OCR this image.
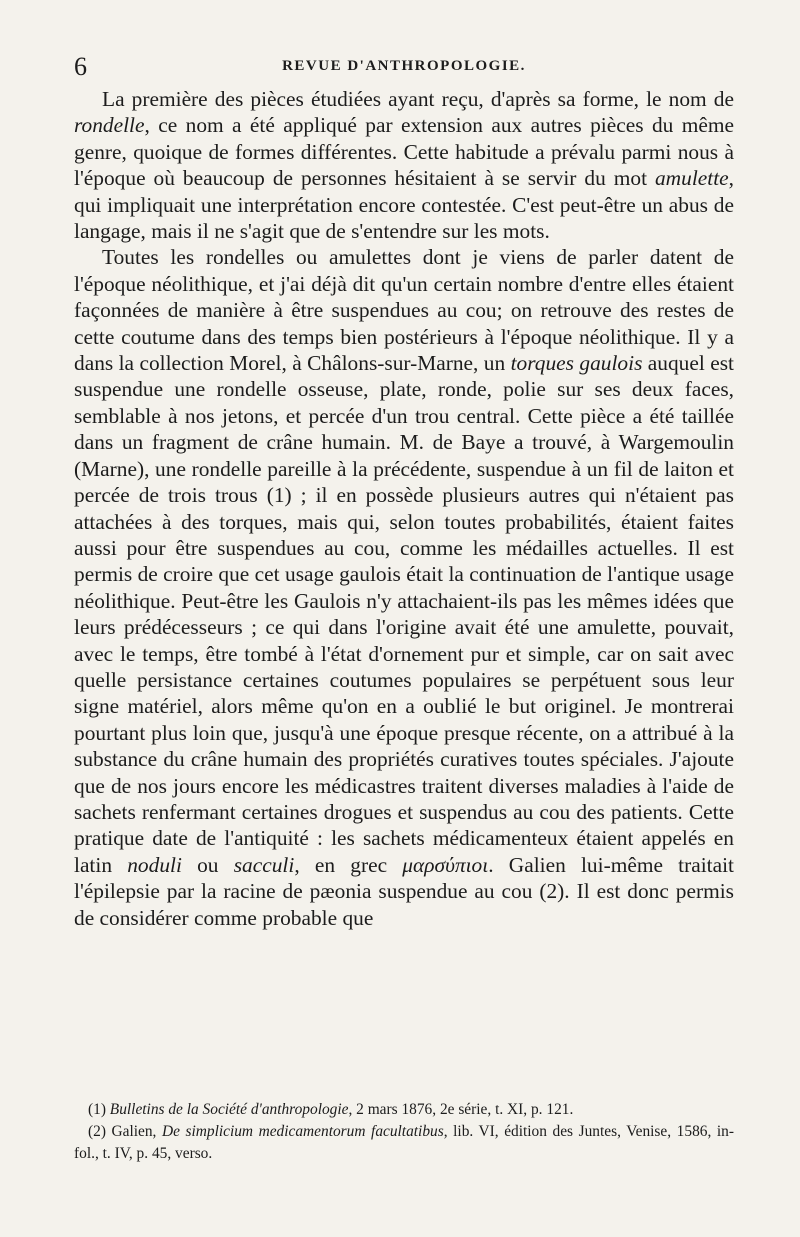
6	REVUE D'ANTHROPOLOGIE.

La première des pièces étudiées ayant reçu, d'après sa forme, le nom de rondelle, ce nom a été appliqué par extension aux autres pièces du même genre, quoique de formes différentes. Cette habitude a prévalu parmi nous à l'époque où beaucoup de personnes hésitaient à se servir du mot amulette, qui impliquait une interprétation encore contestée. C'est peut-être un abus de langage, mais il ne s'agit que de s'entendre sur les mots.

Toutes les rondelles ou amulettes dont je viens de parler datent de l'époque néolithique, et j'ai déjà dit qu'un certain nombre d'entre elles étaient façonnées de manière à être suspendues au cou; on retrouve des restes de cette coutume dans des temps bien postérieurs à l'époque néolithique. Il y a dans la collection Morel, à Châlons-sur-Marne, un torques gaulois auquel est suspendue une rondelle osseuse, plate, ronde, polie sur ses deux faces, semblable à nos jetons, et percée d'un trou central. Cette pièce a été taillée dans un fragment de crâne humain. M. de Baye a trouvé, à Wargemoulin (Marne), une rondelle pareille à la précédente, suspendue à un fil de laiton et percée de trois trous (1) ; il en possède plusieurs autres qui n'étaient pas attachées à des torques, mais qui, selon toutes probabilités, étaient faites aussi pour être suspendues au cou, comme les médailles actuelles. Il est permis de croire que cet usage gaulois était la continuation de l'antique usage néolithique. Peut-être les Gaulois n'y attachaient-ils pas les mêmes idées que leurs prédécesseurs ; ce qui dans l'origine avait été une amulette, pouvait, avec le temps, être tombé à l'état d'ornement pur et simple, car on sait avec quelle persistance certaines coutumes populaires se perpétuent sous leur signe matériel, alors même qu'on en a oublié le but originel. Je montrerai pourtant plus loin que, jusqu'à une époque presque récente, on a attribué à la substance du crâne humain des propriétés curatives toutes spéciales. J'ajoute que de nos jours encore les médicastres traitent diverses maladies à l'aide de sachets renfermant certaines drogues et suspendus au cou des patients. Cette pratique date de l'antiquité : les sachets médicamenteux étaient appelés en latin noduli ou sacculi, en grec μαρσύπιοι. Galien lui-même traitait l'épilepsie par la racine de pæonia suspendue au cou (2). Il est donc permis de considérer comme probable que

(1) Bulletins de la Société d'anthropologie, 2 mars 1876, 2e série, t. XI, p. 121.

(2) Galien, De simplicium medicamentorum facultatibus, lib. VI, édition des Juntes, Venise, 1586, in-fol., t. IV, p. 45, verso.
